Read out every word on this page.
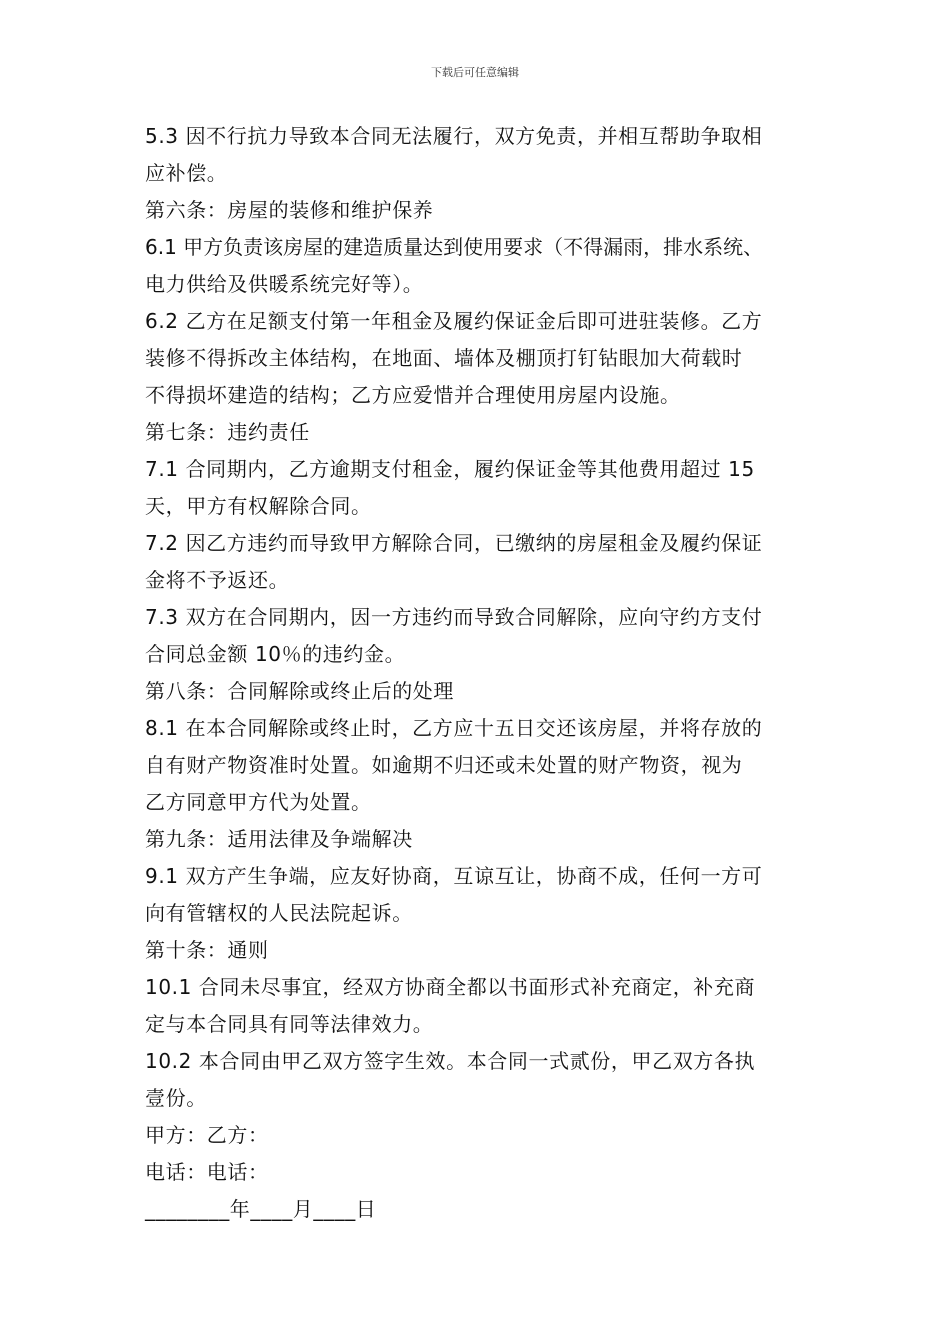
下载后可任意编辑
5.3 因不行抗力导致本合同无法履行，双方免责，并相互帮助争取相
应补偿。
第六条：房屋的装修和维护保养
6.1 甲方负责该房屋的建造质量达到使用要求（不得漏雨，排水系统、
电力供给及供暖系统完好等）。
6.2 乙方在足额支付第一年租金及履约保证金后即可进驻装修。乙方
装修不得拆改主体结构，在地面、墙体及棚顶打钉钻眼加大荷载时
不得损坏建造的结构；乙方应爱惜并合理使用房屋内设施。
第七条：违约责任
7.1 合同期内，乙方逾期支付租金，履约保证金等其他费用超过 15
天，甲方有权解除合同。
7.2 因乙方违约而导致甲方解除合同，已缴纳的房屋租金及履约保证
金将不予返还。
7.3 双方在合同期内，因一方违约而导致合同解除，应向守约方支付
合同总金额 10％的违约金。
第八条：合同解除或终止后的处理
8.1 在本合同解除或终止时，乙方应十五日交还该房屋，并将存放的
自有财产物资准时处置。如逾期不归还或未处置的财产物资，视为
乙方同意甲方代为处置。
第九条：适用法律及争端解决
9.1 双方产生争端，应友好协商，互谅互让，协商不成，任何一方可
向有管辖权的人民法院起诉。
第十条：通则
10.1 合同未尽事宜，经双方协商全都以书面形式补充商定，补充商
定与本合同具有同等法律效力。
10.2 本合同由甲乙双方签字生效。本合同一式贰份，甲乙双方各执
壹份。
甲方：乙方：
电话：电话：
________年____月____日
